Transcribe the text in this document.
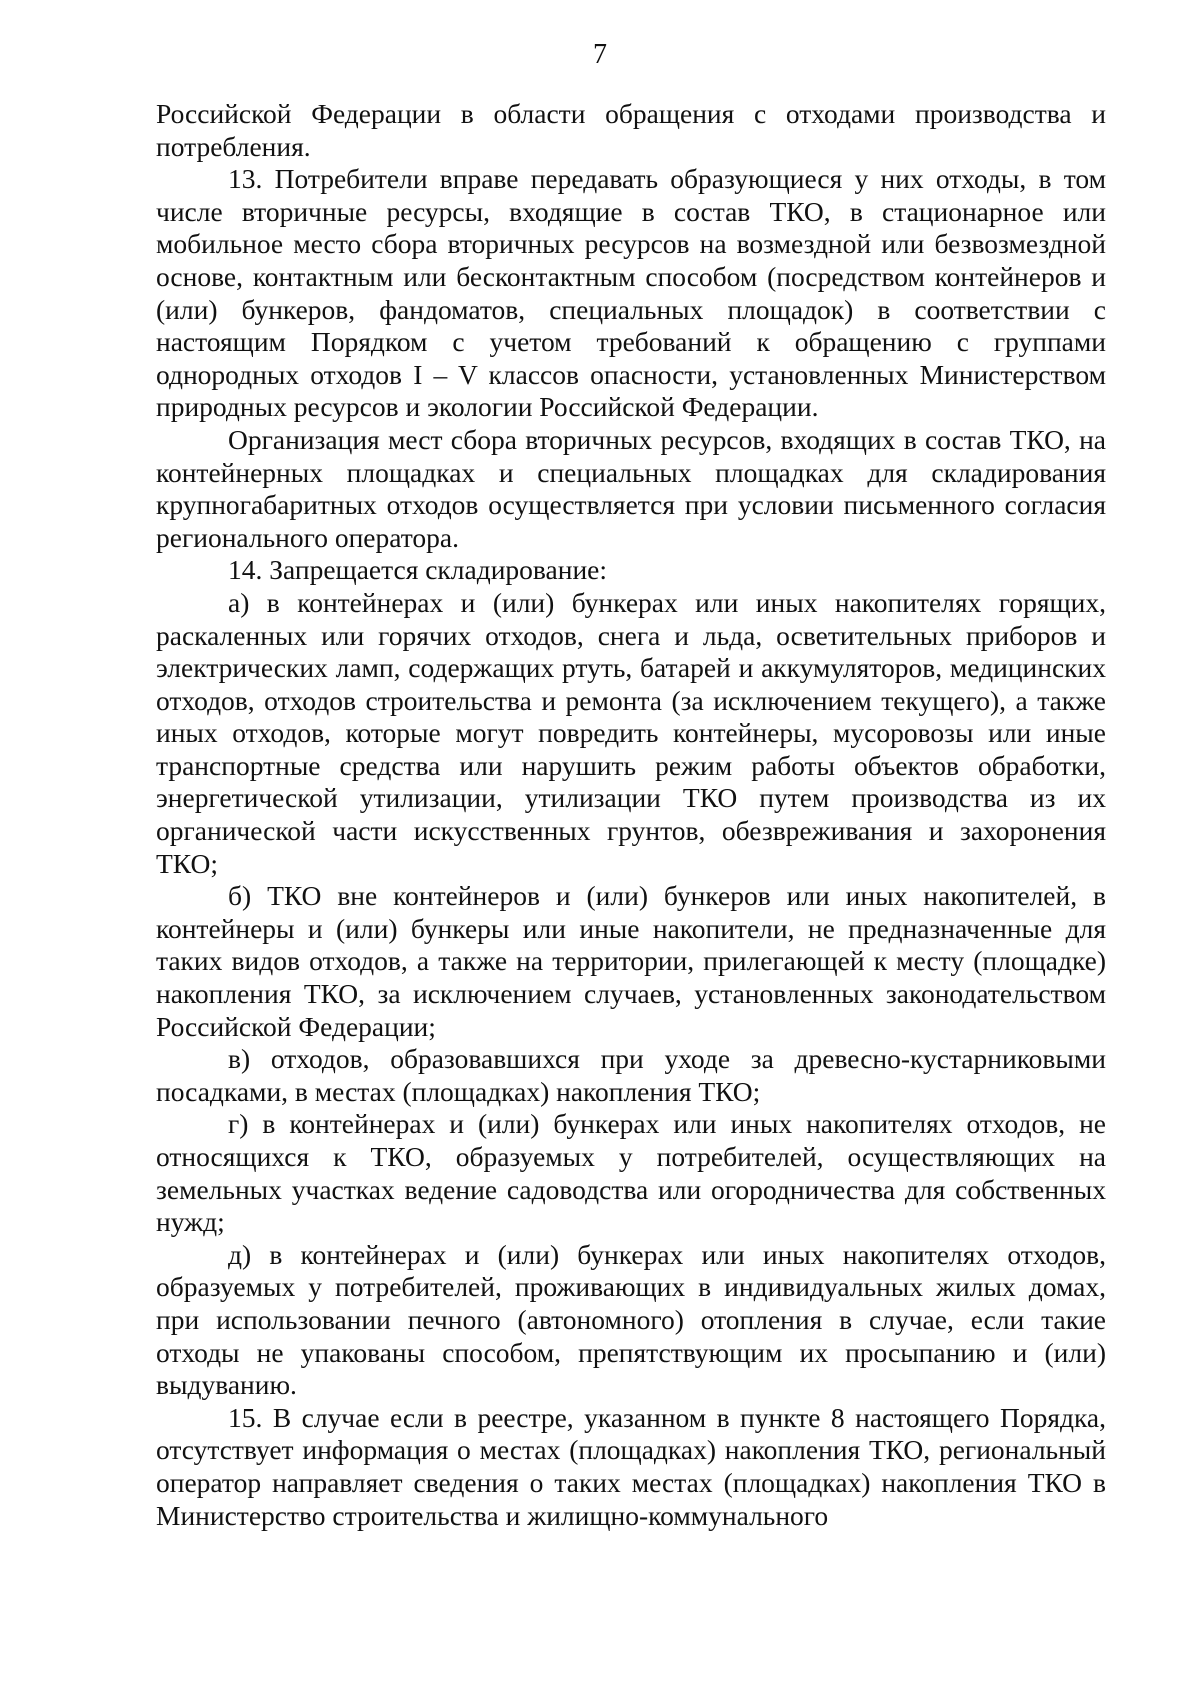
7

Российской Федерации в области обращения с отходами производства и потребления.

13. Потребители вправе передавать образующиеся у них отходы, в том числе вторичные ресурсы, входящие в состав ТКО, в стационарное или мобильное место сбора вторичных ресурсов на возмездной или безвозмездной основе, контактным или бесконтактным способом (посредством контейнеров и (или) бункеров, фандоматов, специальных площадок) в соответствии с настоящим Порядком с учетом требований к обращению с группами однородных отходов I – V классов опасности, установленных Министерством природных ресурсов и экологии Российской Федерации.

Организация мест сбора вторичных ресурсов, входящих в состав ТКО, на контейнерных площадках и специальных площадках для складирования крупногабаритных отходов осуществляется при условии письменного согласия регионального оператора.

14. Запрещается складирование:

а) в контейнерах и (или) бункерах или иных накопителях горящих, раскаленных или горячих отходов, снега и льда, осветительных приборов и электрических ламп, содержащих ртуть, батарей и аккумуляторов, медицинских отходов, отходов строительства и ремонта (за исключением текущего), а также иных отходов, которые могут повредить контейнеры, мусоровозы или иные транспортные средства или нарушить режим работы объектов обработки, энергетической утилизации, утилизации ТКО путем производства из их органической части искусственных грунтов, обезвреживания и захоронения ТКО;

б) ТКО вне контейнеров и (или) бункеров или иных накопителей, в контейнеры и (или) бункеры или иные накопители, не предназначенные для таких видов отходов, а также на территории, прилегающей к месту (площадке) накопления ТКО, за исключением случаев, установленных законодательством Российской Федерации;

в) отходов, образовавшихся при уходе за древесно-кустарниковыми посадками, в местах (площадках) накопления ТКО;

г) в контейнерах и (или) бункерах или иных накопителях отходов, не относящихся к ТКО, образуемых у потребителей, осуществляющих на земельных участках ведение садоводства или огородничества для собственных нужд;

д) в контейнерах и (или) бункерах или иных накопителях отходов, образуемых у потребителей, проживающих в индивидуальных жилых домах, при использовании печного (автономного) отопления в случае, если такие отходы не упакованы способом, препятствующим их просыпанию и (или) выдуванию.

15. В случае если в реестре, указанном в пункте 8 настоящего Порядка, отсутствует информация о местах (площадках) накопления ТКО, региональный оператор направляет сведения о таких местах (площадках) накопления ТКО в Министерство строительства и жилищно-коммунального
